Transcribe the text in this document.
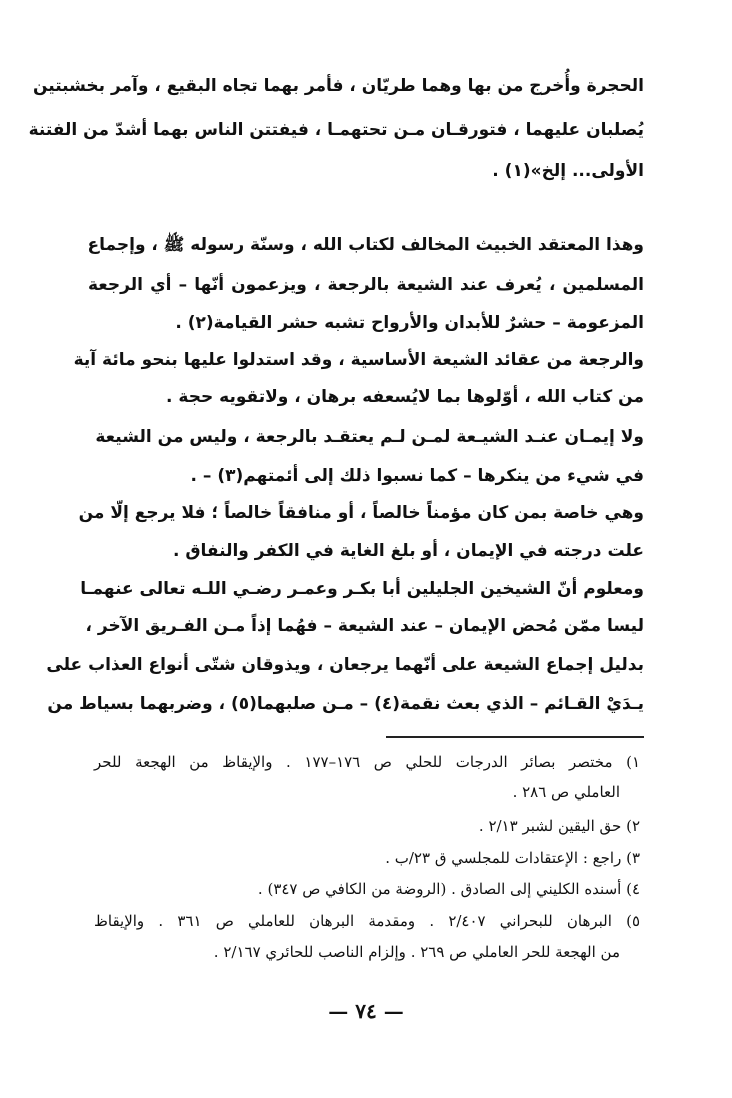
الحجرة وأُخرج من بها وهما طريّان ، فأمر بهما تجاه البقيع ، وآمر بخشبتين
يُصلبان عليهما ، فتورقـان مـن تحتهمـا ، فيفتتن الناس بهما أشدّ من الفتنة
الأولى... إلخ»(١) .
وهذا المعتقد الخبيث المخالف لكتاب الله ، وسنّة رسوله ﷺ ، وإجماع
المسلمين ، يُعرف عند الشيعة بالرجعة ، ويزعمون أنّها – أي الرجعة
المزعومة – حشرٌ للأبدان والأرواح تشبه حشر القيامة(٢) .
والرجعة من عقائد الشيعة الأساسية ، وقد استدلوا عليها بنحو مائة آية
من كتاب الله ، أوّلوها بما لايُسعفه برهان ، ولاتقويه حجة .
ولا إيمـان عنـد الشيـعة لمـن لـم يعتقـد بالرجعة ، وليس من الشيعة
في شيء من ينكرها – كما نسبوا ذلك إلى أئمتهم(٣) – .
وهي خاصة بمن كان مؤمناً خالصاً ، أو منافقاً خالصاً ؛ فلا يرجع إلّا من
علت درجته في الإيمان ، أو بلغ الغاية في الكفر والنفاق .
ومعلوم أنّ الشيخين الجليلين أبا بكـر وعمـر رضـي اللـه تعالى عنهمـا
ليسا ممّن مُحض الإيمان – عند الشيعة – فهُما إذاً مـن الفـريق الآخر ،
بدليل إجماع الشيعة على أنّهما يرجعان ، ويذوقان شتّى أنواع العذاب على
يـدَيْ القـائم – الذي بعث نقمة(٤) – مـن صلبهما(٥) ، وضربهما بسياط من
١) مختصر بصائر الدرجات للحلي ص ١٧٦–١٧٧ . والإيقاظ من الهجعة للحر
العاملي ص ٢٨٦ .
٢) حق اليقين لشبر ٢/١٣ .
٣) راجع : الإعتقادات للمجلسي ق ٢٣/ب .
٤) أسنده الكليني إلى الصادق . (الروضة من الكافي ص ٣٤٧) .
٥) البرهان للبحراني ٢/٤٠٧ . ومقدمة البرهان للعاملي ص ٣٦١ . والإيقاظ
من الهجعة للحر العاملي ص ٢٦٩ . وإلزام الناصب للحائري ٢/١٦٧ .
— ٧٤ —
